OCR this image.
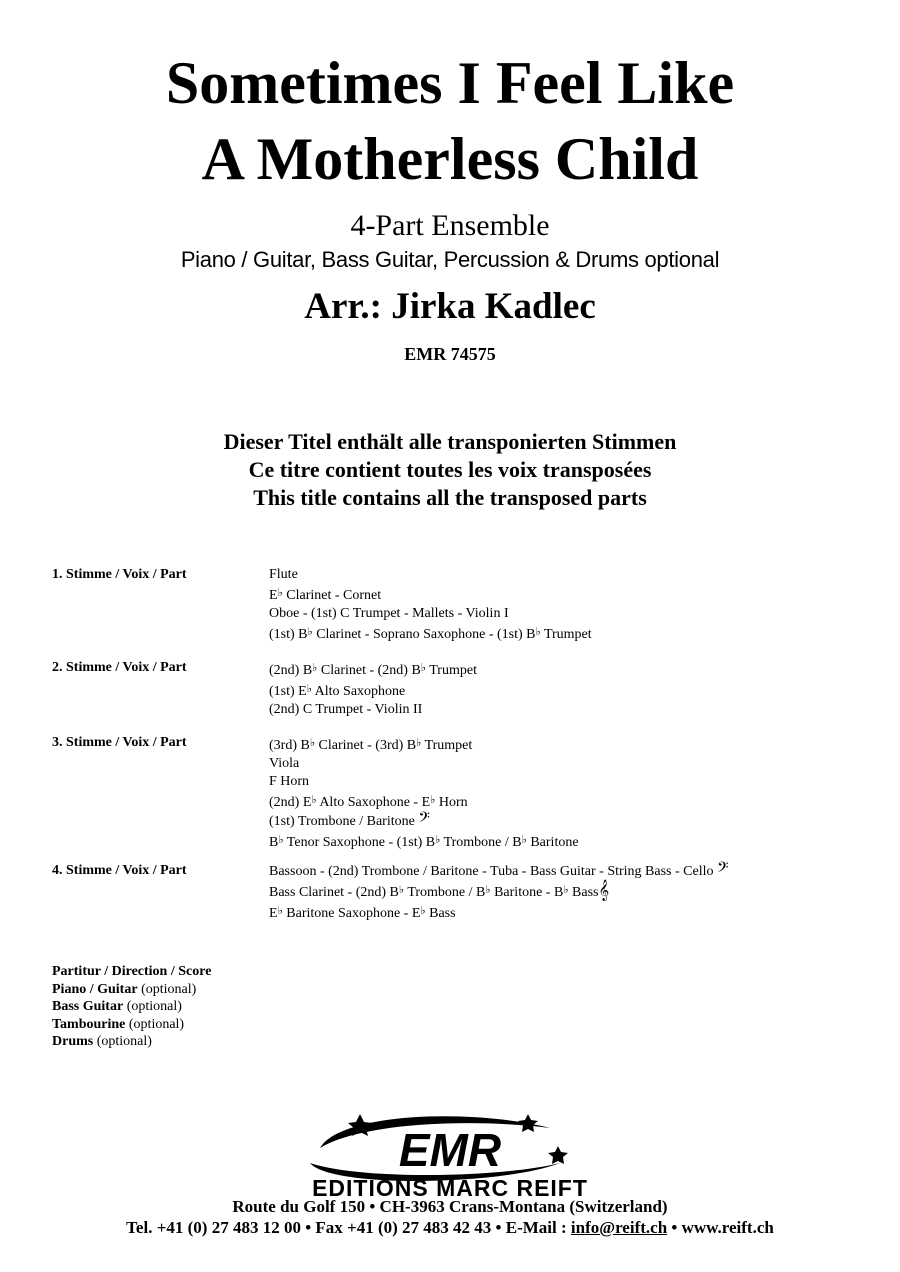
Sometimes I Feel Like
A Motherless Child
4-Part Ensemble
Piano / Guitar, Bass Guitar, Percussion & Drums optional
Arr.: Jirka Kadlec
EMR 74575
Dieser Titel enthält alle transponierten Stimmen
Ce titre contient toutes les voix transposées
This title contains all the transposed parts
1. Stimme / Voix / Part	Flute
E♭ Clarinet - Cornet
Oboe - (1st) C Trumpet - Mallets - Violin I
(1st) B♭ Clarinet - Soprano Saxophone - (1st) B♭ Trumpet
2. Stimme / Voix / Part	(2nd) B♭ Clarinet - (2nd) B♭ Trumpet
(1st) E♭ Alto Saxophone
(2nd) C Trumpet - Violin II
3. Stimme / Voix / Part	(3rd) B♭ Clarinet - (3rd) B♭ Trumpet
Viola
F Horn
(2nd) E♭ Alto Saxophone - E♭ Horn
(1st) Trombone / Baritone 𝄢
B♭ Tenor Saxophone - (1st) B♭ Trombone / B♭ Baritone
4. Stimme / Voix / Part	Bassoon - (2nd) Trombone / Baritone - Tuba - Bass Guitar - String Bass - Cello 𝄢
Bass Clarinet - (2nd) B♭ Trombone / B♭ Baritone - B♭ Bass𝄞
E♭ Baritone Saxophone - E♭ Bass
Partitur / Direction / Score
Piano / Guitar (optional)
Bass Guitar (optional)
Tambourine (optional)
Drums (optional)
EMR
EDITIONS MARC REIFT
Route du Golf 150 • CH-3963 Crans-Montana (Switzerland)
Tel. +41 (0) 27 483 12 00 • Fax +41 (0) 27 483 42 43 • E-Mail : info@reift.ch • www.reift.ch
